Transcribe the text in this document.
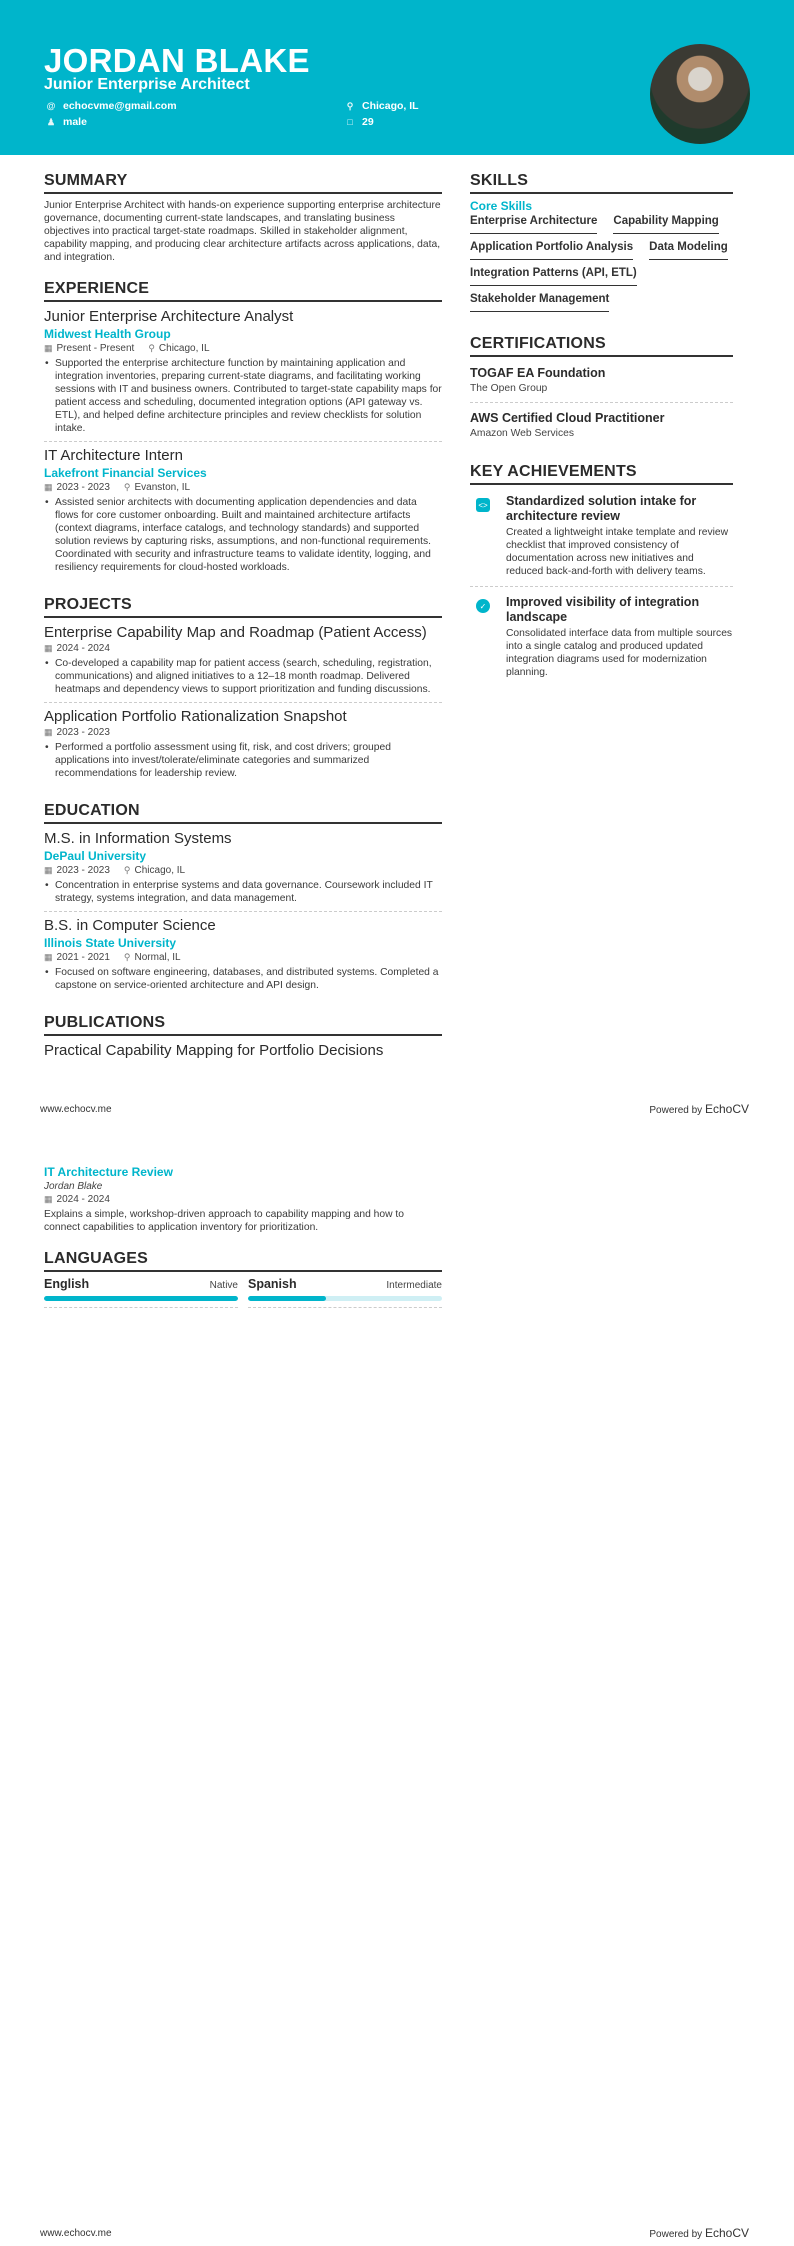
JORDAN BLAKE
Junior Enterprise Architect
@ echocvme@gmail.com
♟ male
⚲ Chicago, IL
□ 29
SUMMARY

Junior Enterprise Architect with hands-on experience supporting enterprise architecture governance, documenting current-state landscapes, and translating business objectives into practical target-state roadmaps. Skilled in stakeholder alignment, capability mapping, and producing clear architecture artifacts across applications, data, and integration.

EXPERIENCE
Junior Enterprise Architecture Analyst
Midwest Health Group
▦ Present - Present ⚲ Chicago, IL
• Supported the enterprise architecture function by maintaining application and integration inventories, preparing current-state diagrams, and facilitating working sessions with IT and business owners. Contributed to target-state capability maps for patient access and scheduling, documented integration options (API gateway vs. ETL), and helped define architecture principles and review checklists for solution intake.
IT Architecture Intern
Lakefront Financial Services
▦ 2023 - 2023 ⚲ Evanston, IL
• Assisted senior architects with documenting application dependencies and data flows for core customer onboarding. Built and maintained architecture artifacts (context diagrams, interface catalogs, and technology standards) and supported solution reviews by capturing risks, assumptions, and non-functional requirements. Coordinated with security and infrastructure teams to validate identity, logging, and resiliency requirements for cloud-hosted workloads.
PROJECTS
Enterprise Capability Map and Roadmap (Patient Access)
▦ 2024 - 2024
• Co-developed a capability map for patient access (search, scheduling, registration, communications) and aligned initiatives to a 12–18 month roadmap. Delivered heatmaps and dependency views to support prioritization and funding discussions.
Application Portfolio Rationalization Snapshot
▦ 2023 - 2023
• Performed a portfolio assessment using fit, risk, and cost drivers; grouped applications into invest/tolerate/eliminate categories and summarized recommendations for leadership review.
EDUCATION
M.S. in Information Systems
DePaul University
▦ 2023 - 2023 ⚲ Chicago, IL
• Concentration in enterprise systems and data governance. Coursework included IT strategy, systems integration, and data management.
B.S. in Computer Science
Illinois State University
▦ 2021 - 2021 ⚲ Normal, IL
• Focused on software engineering, databases, and distributed systems. Completed a capstone on service-oriented architecture and API design.
PUBLICATIONS
Practical Capability Mapping for Portfolio Decisions
www.echocv.me	Powered by EchoCV
IT Architecture Review
Jordan Blake
▦ 2024 - 2024

Explains a simple, workshop-driven approach to capability mapping and how to connect capabilities to application inventory for prioritization.

LANGUAGES
English	Native Spanish	Intermediate
www.echocv.me	Powered by EchoCV
SKILLS
Core Skills
Enterprise Architecture Capability Mapping
Application Portfolio Analysis Data Modeling
Integration Patterns (API, ETL)
Stakeholder Management
CERTIFICATIONS
TOGAF EA Foundation
The Open Group
AWS Certified Cloud Practitioner
Amazon Web Services
KEY ACHIEVEMENTS
<> Standardized solution intake for architecture review
Created a lightweight intake template and review checklist that improved consistency of documentation across new initiatives and reduced back-and-forth with delivery teams.
✓ Improved visibility of integration landscape
Consolidated interface data from multiple sources into a single catalog and produced updated integration diagrams used for modernization planning.
